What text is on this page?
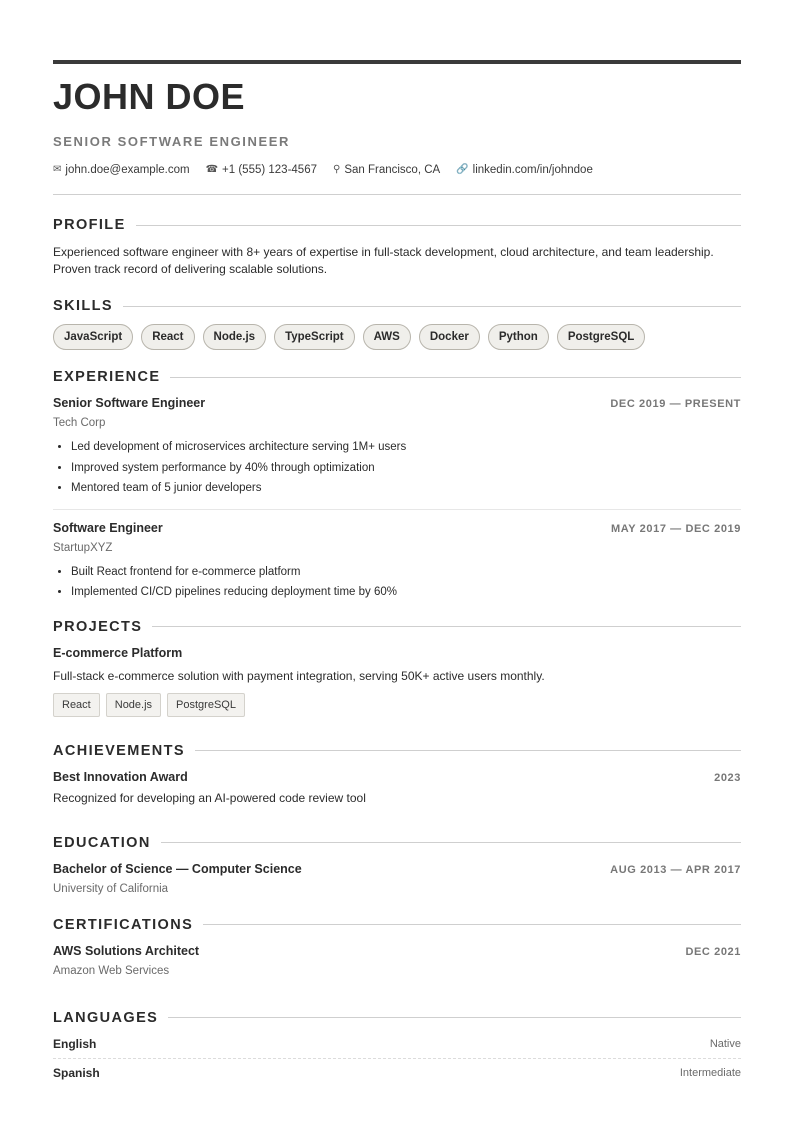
JOHN DOE
SENIOR SOFTWARE ENGINEER
✉ john.doe@example.com ☎ +1 (555) 123-4567 ⚲ San Francisco, CA 🔗 linkedin.com/in/johndoe
PROFILE
Experienced software engineer with 8+ years of expertise in full-stack development, cloud architecture, and team leadership. Proven track record of delivering scalable solutions.
SKILLS
JavaScript	React	Node.js	TypeScript	AWS	Docker	Python	PostgreSQL
EXPERIENCE
Senior Software Engineer	DEC 2019 — PRESENT
Tech Corp
• Led development of microservices architecture serving 1M+ users
• Improved system performance by 40% through optimization
• Mentored team of 5 junior developers
Software Engineer	MAY 2017 — DEC 2019
StartupXYZ
• Built React frontend for e-commerce platform
• Implemented CI/CD pipelines reducing deployment time by 60%
PROJECTS
E-commerce Platform
Full-stack e-commerce solution with payment integration, serving 50K+ active users monthly.
React	Node.js	PostgreSQL
ACHIEVEMENTS
Best Innovation Award	2023
Recognized for developing an AI-powered code review tool
EDUCATION
Bachelor of Science — Computer Science	AUG 2013 — APR 2017
University of California
CERTIFICATIONS
AWS Solutions Architect	DEC 2021
Amazon Web Services
LANGUAGES
English	Native
Spanish	Intermediate
